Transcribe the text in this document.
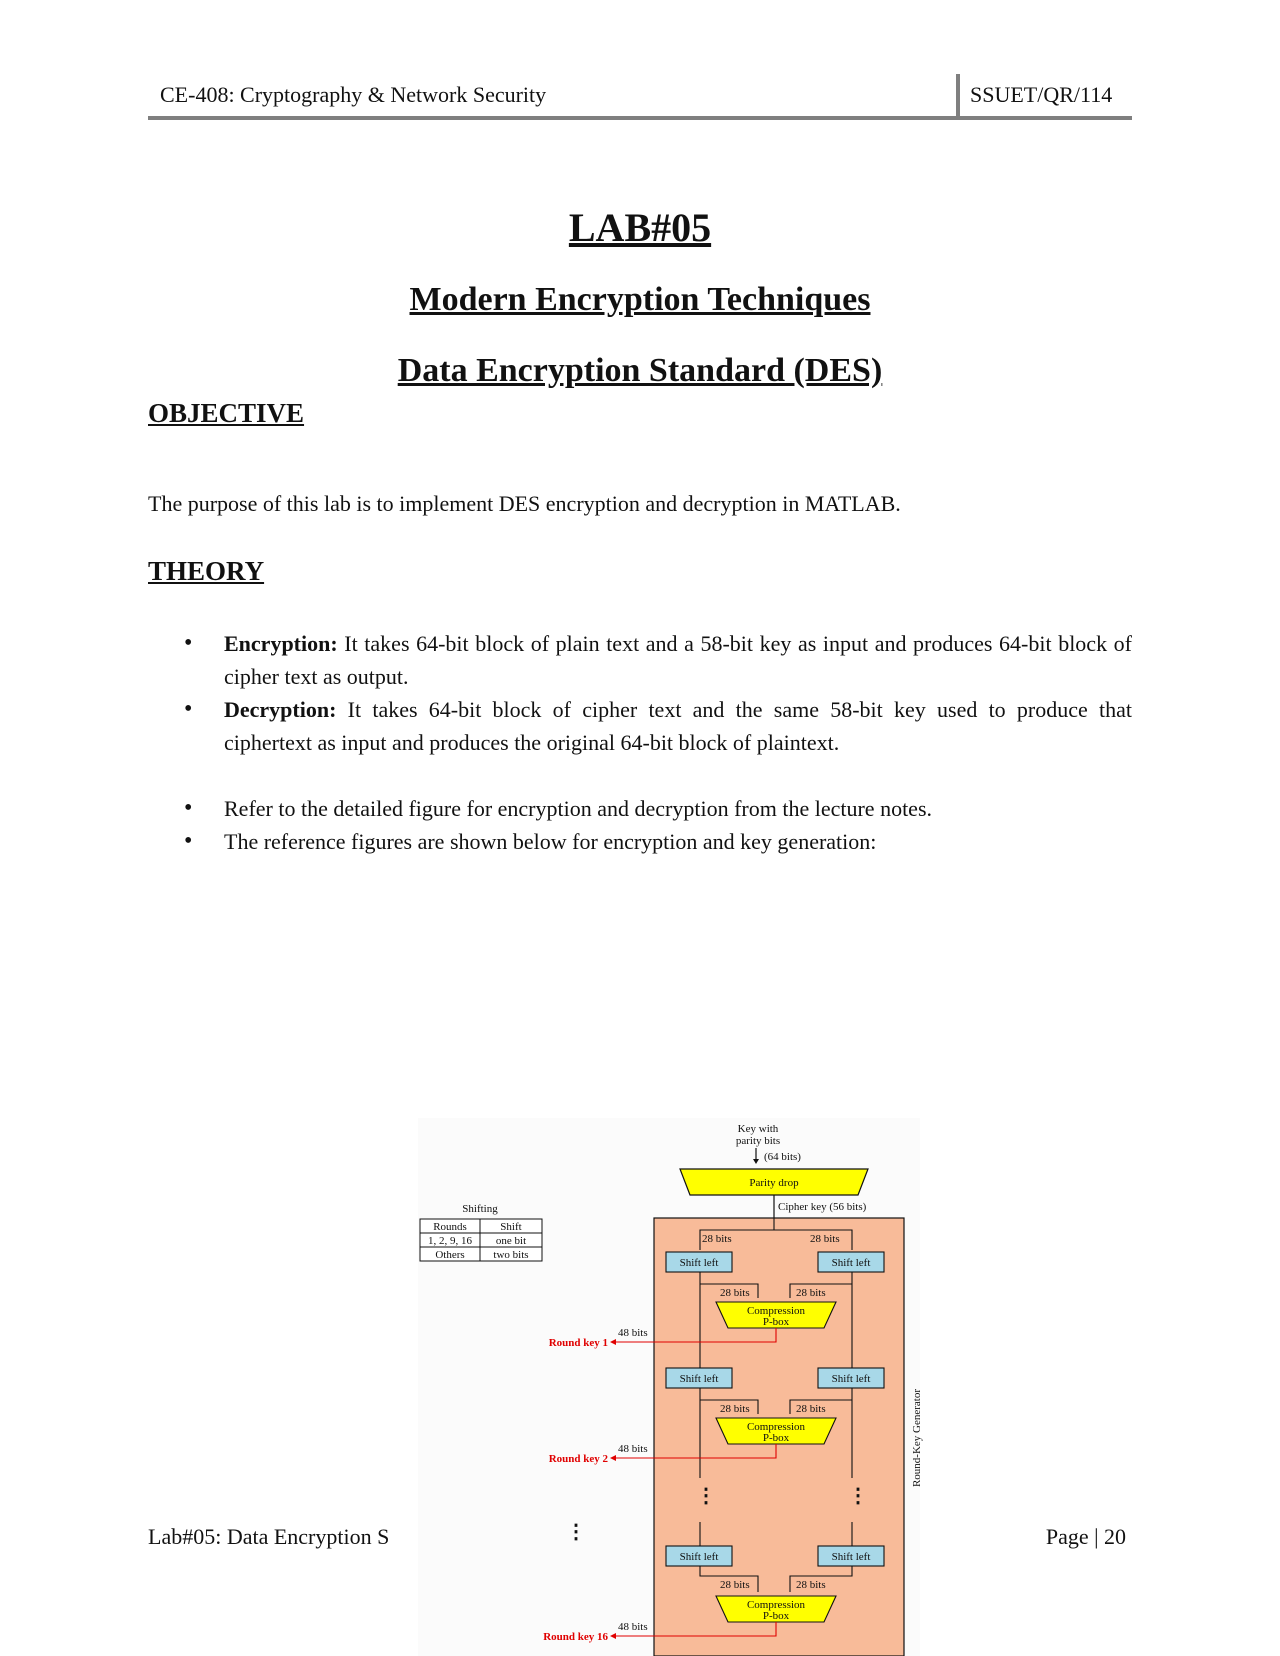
CE-408: Cryptography & Network Security	SSUET/QR/114
LAB#05
Modern Encryption Techniques
Data Encryption Standard (DES)
OBJECTIVE
The purpose of this lab is to implement DES encryption and decryption in MATLAB.
THEORY
• Encryption: It takes 64-bit block of plain text and a 58-bit key as input and produces 64-bit block of cipher text as output.
• Decryption: It takes 64-bit block of cipher text and the same 58-bit key used to produce that ciphertext as input and produces the original 64-bit block of plaintext.
• Refer to the detailed figure for encryption and decryption from the lecture notes.
• The reference figures are shown below for encryption and key generation:
Key with
parity bits
(64 bits)
Parity drop
Cipher key (56 bits)
Shifting
Rounds	Shift
1, 2, 9, 16 one bit
Others	two bits
Round-Key Generator
28 bits	28 bits
Shift left	Shift left
28 bits	28 bits
Compression
P-box
48 bits
Round key 1
Shift left	Shift left
28 bits	28 bits
Compression
P-box
48 bits
Round key 2
⋮	⋮
⋮
Shift left	Shift left
28 bits	28 bits
Compression
P-box
48 bits
Round key 16
Lab#05: Data Encryption S	Page | 20
